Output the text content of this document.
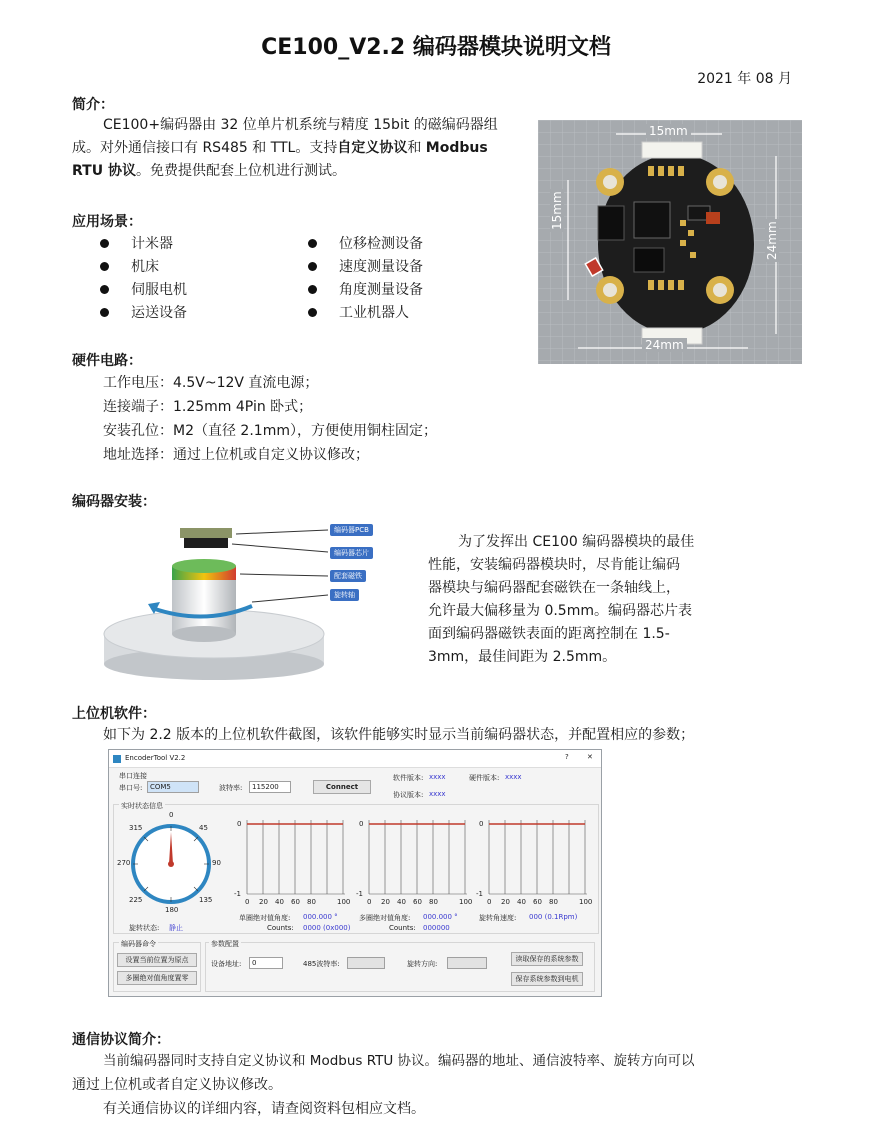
CE100_V2.2 编码器模块说明文档
2021 年 08 月
简介：
CE100+编码器由 32 位单片机系统与精度 15bit 的磁编码器组
成。对外通信接口有 RS485 和 TTL。支持自定义协议和 Modbus
RTU 协议。免费提供配套上位机进行测试。
15mm
24mm
15mm
24mm
应用场景：
计米器
机床
伺服电机
运送设备
位移检测设备
速度测量设备
角度测量设备
工业机器人
硬件电路：
工作电压：4.5V~12V 直流电源；
连接端子：1.25mm 4Pin 卧式；
安装孔位：M2（直径 2.1mm），方便使用铜柱固定；
地址选择：通过上位机或自定义协议修改；
编码器安装：
编码器PCB
编码器芯片
配套磁铁
旋转轴
为了发挥出 CE100 编码器模块的最佳
性能，安装编码器模块时，尽肯能让编码
器模块与编码器配套磁铁在一条轴线上，
允许最大偏移量为 0.5mm。编码器芯片表
面到编码器磁铁表面的距离控制在 1.5-
3mm，最佳间距为 2.5mm。
上位机软件：
如下为 2.2 版本的上位机软件截图，该软件能够实时显示当前编码器状态，并配置相应的参数；
EncoderTool V2.2	?	✕
串口连接
串口号:	COM5	波特率:	115200	Connect
软件版本: xxxx	硬件版本: xxxx
协议版本: xxxx
实时状态信息
0
45
90
135
180
225
270
315
旋转状态: 静止
0
-1
0 20 40 60 80	100
0
-1
0 20 40 60 80	100
0
-1
0 20 40 60 80	100
单圈绝对值角度: 000.000 °
Counts: 0000 (0x000)
多圈绝对值角度: 000.000 °
Counts: 000000
旋转角速度: 000 (0.1Rpm)
编码器命令
设置当前位置为原点
多圈绝对值角度置零
参数配置
设备地址:	0	485波特率:	旋转方向:
读取保存的系统参数
保存系统参数到电机
通信协议简介：
当前编码器同时支持自定义协议和 Modbus RTU 协议。编码器的地址、通信波特率、旋转方向可以
通过上位机或者自定义协议修改。
有关通信协议的详细内容，请查阅资料包相应文档。
